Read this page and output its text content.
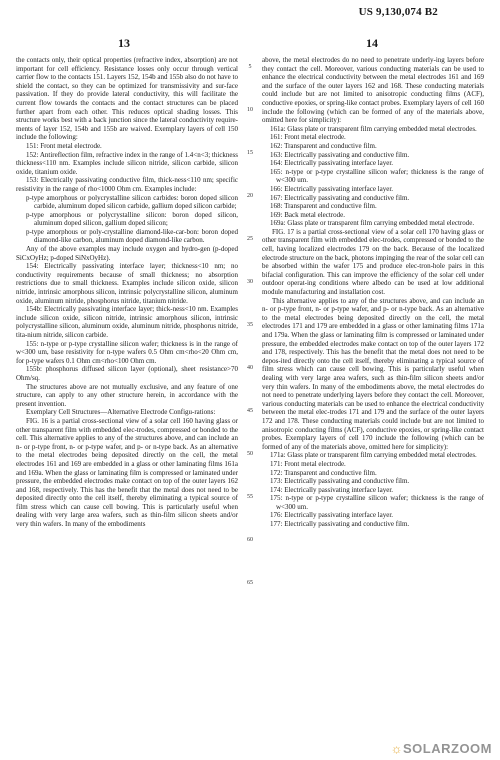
US 9,130,074 B2
13	14

the contacts only, their optical properties (refractive index, absorption) are not important for cell efficiency. Resistance losses only occur through vertical carrier flow to the contacts 151. Layers 152, 154b and 155b also do not have to shield the contact, so they can be optimized for transmissivity and sur-face passivation. If they do provide lateral conductivity, this will facilitate the current flow towards the contacts and the contact structures can be placed further apart from each other. This reduces optical shading losses. This structure works best with a back junction since the lateral conductivity require-ments of layer 152, 154b and 155b are waived. Exemplary layers of cell 150 include the following:

151: Front metal electrode.

152: Antireflection film, refractive index in the range of 1.4<n<3; thickness thickness<110 nm. Examples include silicon nitride, silicon carbide, silicon oxide, titanium oxide.

153: Electrically passivating conductive film, thick-ness<110 nm; specific resistivity in the range of rho<1000 Ohm cm. Examples include:

p-type amorphous or polycrystalline silicon carbides: boron doped silicon carbide, aluminum doped silicon carbide, gallium doped silicon carbide;

p-type amorphous or polycrystalline silicon: boron doped silicon, aluminum doped silicon, gallium doped silicon;

p-type amorphous or poly-crystalline diamond-like-car-bon: boron doped diamond-like carbon, aluminum doped diamond-like carbon.

Any of the above examples may include oxygen and hydro-gen (p-doped SiCxOyHz; p-doped SiNxOyHz).

154: Electrically passivating interface layer; thickness<10 nm; no conductivity requirements because of small thickness; no absorption restrictions due to small thickness. Examples include silicon oxide, silicon nitride, intrinsic amorphous silicon, intrinsic polycrystalline silicon, aluminum oxide, aluminum nitride, phosphorus nitride, titanium nitride.

154b: Electrically passivating interface layer; thick-ness<10 nm. Examples include silicon oxide, silicon nitride, intrinsic amorphous silicon, intrinsic polycrystalline silicon, aluminum oxide, aluminum nitride, phosphorus nitride, tita-nium nitride, silicon carbide.

155: n-type or p-type crystalline silicon wafer; thickness is in the range of w<300 um, base resistivity for n-type wafers 0.5 Ohm cm<rho<20 Ohm cm, for p-type wafers 0.1 Ohm cm<rho<100 Ohm cm.

155b: phosphorus diffused silicon layer (optional), sheet resistance>70 Ohm/sq.

The structures above are not mutually exclusive, and any feature of one structure, can apply to any other structure herein, in accordance with the present invention.

Exemplary Cell Structures—Alternative Electrode Configu-rations:

FIG. 16 is a partial cross-sectional view of a solar cell 160 having glass or other transparent film with embedded elec-trodes, compressed or bonded to the cell. This alternative applies to any of the structures above, and can include an n- or p-type front, n- or p-type wafer, and p- or n-type back. As an alternative to the metal electrodes being deposited directly on the cell, the metal electrodes 161 and 169 are embedded in a glass or other laminating films 161a and 169a. When the glass or laminating film is compressed or laminated under pressure, the embedded electrodes make contact on top of the outer layers 162 and 168, respectively. This has the benefit that the metal does not need to be deposited directly onto the cell itself, thereby eliminating a typical source of film stress which can cause cell bowing. This is particularly useful when dealing with very large area wafers, such as thin-film silicon sheets and/or very thin wafers. In many of the embodiments

5
10
15
20
25
30
35
40
45
50
55
60
65

above, the metal electrodes do no need to penetrate underly-ing layers before they contact the cell. Moreover, various conducting materials can be used to enhance the electrical conductivity between the metal electrodes 161 and 169 and the surface of the outer layers 162 and 168. These conducting materials could include but are not limited to anisotropic conducting films (ACF), conductive epoxies, or spring-like contact probes. Exemplary layers of cell 160 include the following (which can be formed of any of the materials above, omitted here for simplicity):

161a: Glass plate or transparent film carrying embedded metal electrodes.

161: Front metal electrode.

162: Transparent and conductive film.

163: Electrically passivating and conductive film.

164: Electrically passivating interface layer.

165: n-type or p-type crystalline silicon wafer; thickness is the range of w<300 um.

166: Electrically passivating interface layer.

167: Electrically passivating and conductive film.

168: Transparent and conductive film.

169: Back metal electrode.

169a: Glass plate or transparent film carrying embedded metal electrode.

FIG. 17 is a partial cross-sectional view of a solar cell 170 having glass or other transparent film with embedded elec-trodes, compressed or bonded to the cell, having localized electrodes 179 on the back. Because of the localized electrode structure on the back, photons impinging the rear of the solar cell can be absorbed within the wafer 175 and produce elec-tron-hole pairs in this bifacial configuration. This can improve the efficiency of the solar cell under outdoor operat-ing conditions where albedo can be used at low additional module manufacturing and installation cost.

This alternative applies to any of the structures above, and can include an n- or p-type front, n- or p-type wafer, and p- or n-type back. As an alternative to the metal electrodes being deposited directly on the cell, the metal electrodes 171 and 179 are embedded in a glass or other laminating films 171a and 179a. When the glass or laminating film is compressed or laminated under pressure, the embedded electrodes make contact on top of the outer layers 172 and 178, respectively. This has the benefit that the metal does not need to be depos-ited directly onto the cell itself, thereby eliminating a typical source of film stress which can cause cell bowing. This is particularly useful when dealing with very large area wafers, such as thin-film silicon sheets and/or very thin wafers. In many of the embodiments above, the metal electrodes do not need to penetrate underlying layers before they contact the cell. Moreover, various conducting materials can be used to enhance the electrical conductivity between the metal elec-trodes 171 and 179 and the surface of the outer layers 172 and 178. These conducting materials could include but are not limited to anisotropic conducting films (ACF), conductive epoxies, or spring-like contact probes. Exemplary layers of cell 170 include the following (which can be formed of any of the materials above, omitted here for simplicity):

171a: Glass plate or transparent film carrying embedded metal electrodes.

171: Front metal electrode.

172: Transparent and conductive film.

173: Electrically passivating and conductive film.

174: Electrically passivating interface layer.

175: n-type or p-type crystalline silicon wafer; thickness is the range of w<300 um.

176: Electrically passivating interface layer.

177: Electrically passivating and conductive film.

☼SOLARZOOM
